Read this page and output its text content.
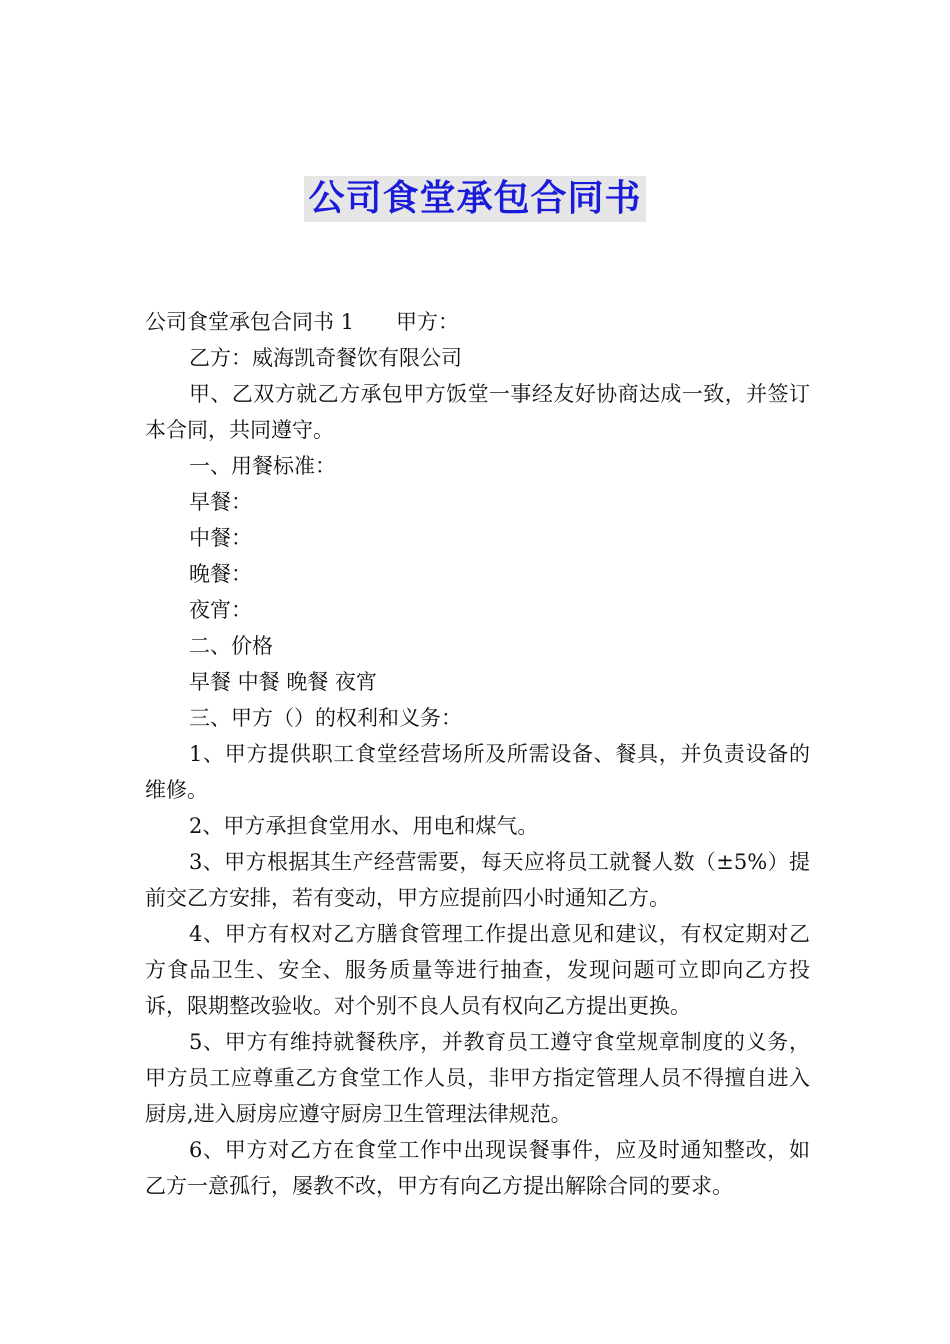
公司食堂承包合同书

公司食堂承包合同书 1 甲方：

乙方：威海凯奇餐饮有限公司

甲、乙双方就乙方承包甲方饭堂一事经友好协商达成一致，并签订本合同，共同遵守。

一、用餐标准：

早餐：

中餐：

晚餐：

夜宵：

二、价格

早餐 中餐 晚餐 夜宵

三、甲方（）的权利和义务：

1、甲方提供职工食堂经营场所及所需设备、餐具，并负责设备的维修。

2、甲方承担食堂用水、用电和煤气。

3、甲方根据其生产经营需要，每天应将员工就餐人数（±5%）提前交乙方安排，若有变动，甲方应提前四小时通知乙方。

4、甲方有权对乙方膳食管理工作提出意见和建议，有权定期对乙方食品卫生、安全、服务质量等进行抽查，发现问题可立即向乙方投诉，限期整改验收。对个别不良人员有权向乙方提出更换。

5、甲方有维持就餐秩序，并教育员工遵守食堂规章制度的义务，甲方员工应尊重乙方食堂工作人员，非甲方指定管理人员不得擅自进入厨房,进入厨房应遵守厨房卫生管理法律规范。

6、甲方对乙方在食堂工作中出现误餐事件，应及时通知整改，如乙方一意孤行，屡教不改，甲方有向乙方提出解除合同的要求。
